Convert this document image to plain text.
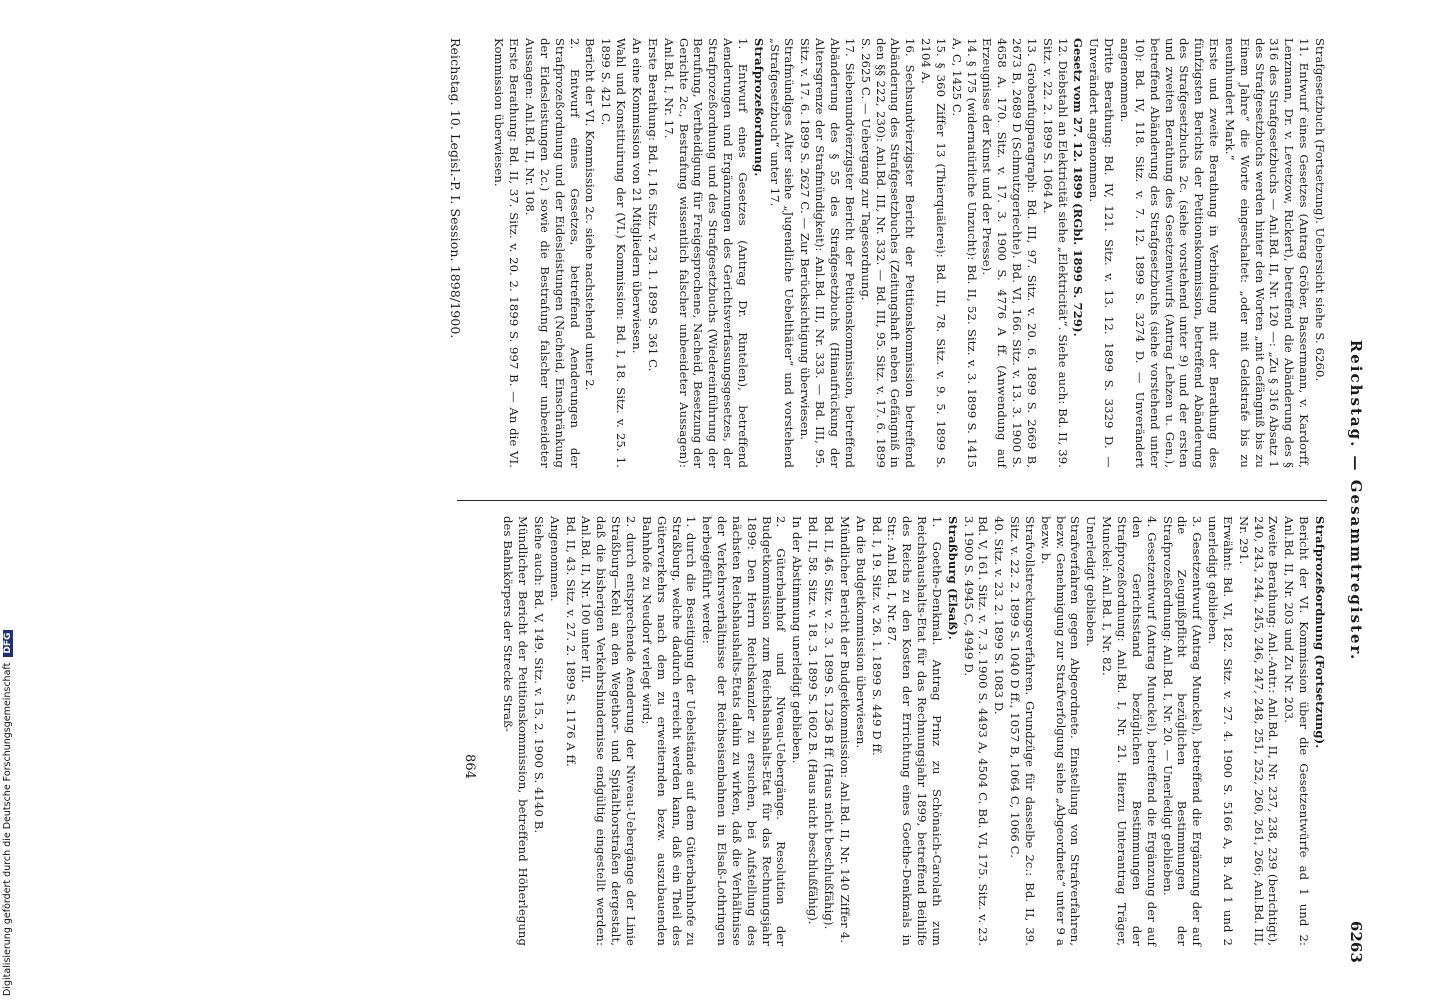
Reichstag. — Gesammtregister.
6263

Strafgesetzbuch (Fortsetzung). Uebersicht siehe S. 6260.

11. Entwurf eines Gesetzes (Antrag Gröber, Bassermann, v. Kardorff, Lenzmann, Dr. v. Levetzow, Rickert), betreffend die Abänderung des § 316 des Strafgesetzbuchs — Anl.Bd. II, Nr. 120 —: „Zu § 316 Absatz 1 des Strafgesetzbuchs werden hinter den Worten „mit Gefängniß bis zu Einem Jahre“ die Worte eingeschaltet: „oder mit Geldstrafe bis zu neunhundert Mark.“

Erste und zweite Berathung in Verbindung mit der Berathung des fünfzigsten Berichts der Petitionskommission, betreffend Abänderung des Strafgesetzbuchs 2c. (siehe vorstehend unter 9) und der ersten und zweiten Berathung des Gesetzentwurfs (Antrag Lehzen u. Gen.), betreffend Abänderung des Strafgesetzbuchs (siehe vorstehend unter 10): Bd. IV, 118. Sitz. v. 7. 12. 1899 S. 3274 D. — Unverändert angenommen.

Dritte Berathung: Bd. IV, 121. Sitz. v. 13. 12. 1899 S. 3329 D. — Unverändert angenommen.

Gesetz vom 27. 12. 1899 (RGbl. 1899 S. 729).

12. Diebstahl an Elektricität siehe „Elektricität“. Siehe auch: Bd. II, 39. Sitz. v. 22. 2. 1899 S. 1064 A.

13. Grobenfugparagraph: Bd. III, 97. Sitz. v. 20. 6. 1899 S. 2669 B, 2673 B, 2689 D (Schmutzgeriechte). Bd. VI, 166. Sitz. v. 13. 3. 1900 S. 4658 A. 170. Sitz. v. 17. 3. 1900 S. 4776 A ff. (Anwendung auf Erzeugnisse der Kunst und der Presse).

14. § 175 (widernatürliche Unzucht): Bd. II, 52. Sitz. v. 3. 1899 S. 1415 A, C, 1425 C.

15. § 360 Ziffer 13 (Thierquälerei): Bd. III, 78. Sitz. v. 9. 5. 1899 S. 2104 A.

16. Sechsundvierzigster Bericht der Petitionskommission betreffend Abänderung des Strafgesetzbuches (Zeitungshaft neben Gefängniß in den §§ 222, 230): Anl.Bd. III, Nr. 332. — Bd. III, 95. Sitz. v. 17. 6. 1899 S. 2625 C. — Uebergang zur Tagesordnung.

17. Siebenundvierzigster Bericht der Petitionskommission, betreffend Abänderung des § 55 des Strafgesetzbuchs (Hinaufrückung der Altersgrenze der Strafmündigkeit): Anl.Bd. III, Nr. 333. — Bd. III, 95. Sitz. v. 17. 6. 1899 S. 2627 C. — Zur Berücksichtigung überwiesen.

Strafmündiges Alter siehe „Jugendliche Uebelthäter“ und vorstehend „Strafgesetzbuch“ unter 17.

Strafprozeßordnung.

1. Entwurf eines Gesetzes (Antrag Dr. Rintelen), betreffend Aenderungen und Ergänzungen des Gerichtsverfassungsgesetzes, der Strafprozeßordnung und des Strafgesetzbuchs (Wiedereinführung der Berufung, Vertheidigung für Freigesprochene, Nacheid, Besetzung der Gerichte 2c., Bestrafung wissentlich falscher unbeeideter Aussagen): Anl.Bd. I, Nr. 17.

Erste Berathung: Bd. I, 16. Sitz. v. 23. 1. 1899 S. 361 C.

An eine Kommission von 21 Mitgliedern überwiesen.

Wahl und Konstituirung der (VI.) Kommission: Bd. I, 18. Sitz. v. 25. 1. 1899 S. 421 C.

Bericht der VI. Kommission 2c. siehe nachstehend unter 2.

2. Entwurf eines Gesetzes, betreffend Aenderungen der Strafprozeßordnung und der Eidesleistungen (Nacheid, Einschränkung der Eidesleistungen 2c.) sowie die Bestrafung falscher unbeeideter Aussagen: Anl.Bd. II, Nr. 108.

Erste Berathung: Bd. II, 37. Sitz. v. 20. 2. 1899 S. 997 B. — An die VI. Kommission überwiesen.

Strafprozeßordnung (Fortsetzung).

Bericht der VI. Kommission über die Gesetzentwürfe ad 1 und 2: Anl.Bd. II, Nr. 203 und Zu Nr. 203.

Zweite Berathung: Anl.-Antr.: Anl.Bd. II, Nr. 237, 238, 239 (berichtigt), 240, 243, 244, 245, 246, 247, 248, 251, 252, 260, 261, 266; Anl.Bd. III, Nr. 291.

Erwähnt: Bd. VI, 182. Sitz. v. 27. 4. 1900 S. 5166 A, B. Ad 1 und 2 unerledigt geblieben.

3. Gesetzentwurf (Antrag Munckel), betreffend die Ergänzung der auf die Zeugnißpflicht bezüglichen Bestimmungen der Strafprozeßordnung: Anl.Bd. I, Nr. 20. — Unerledigt geblieben.

4. Gesetzentwurf (Antrag Munckel), betreffend die Ergänzung der auf den Gerichtsstand bezüglichen Bestimmungen der Strafprozeßordnung: Anl.Bd. I, Nr. 21. Hierzu Unterantrag Träger, Munckel: Anl.Bd. I, Nr. 82.

Unerledigt geblieben.

Strafverfahren gegen Abgeordnete. Einstellung von Strafverfahren, bezw. Genehmigung zur Strafverfolgung siehe „Abgeordnete“ unter 9 a bezw. b.

Strafvollstreckungsverfahren. Grundzüge für dasselbe 2c.: Bd. II, 39. Sitz. v. 22. 2. 1899 S. 1040 D ff., 1057 B, 1064 C, 1066 C.

40. Sitz. v. 23. 2. 1899 S. 1083 D.

Bd. V, 161. Sitz. v. 7. 3. 1900 S. 4493 A, 4504 C. Bd. VI, 175. Sitz. v. 23. 3. 1900 S. 4945 C, 4949 D.

Straßburg (Elsaß).

1. Goethe-Denkmal. Antrag Prinz zu Schönaich-Carolath zum Reichshaushalts-Etat für das Rechnungsjahr 1899, betreffend Beihilfe des Reichs zu den Kosten der Errichtung eines Goethe-Denkmals in Str.: Anl.Bd. I, Nr. 87.

Bd. I, 19. Sitz. v. 26. 1. 1899 S. 449 D ff.

An die Budgetkommission überwiesen.

Mündlicher Bericht der Budgetkommission: Anl.Bd. II, Nr. 140 Ziffer 4.

Bd. II, 46. Sitz. v. 2. 3. 1899 S. 1236 B ff. (Haus nicht beschlußfähig).

Bd. II, 58. Sitz. v. 18. 3. 1899 S. 1602 B. (Haus nicht beschlußfähig).

In der Abstimmung unerledigt geblieben.

2. Güterbahnhof und Niveau-Uebergänge. Resolution der Budgetkommission zum Reichshaushalts-Etat für das Rechnungsjahr 1899: Den Herrn Reichskanzler zu ersuchen, bei Aufstellung des nächsten Reichshaushalts-Etats dahin zu wirken, daß die Verhältnisse der Verkehrsverhältnisse der Reichseisenbahnen in Elsaß-Lothringen herbeigeführt werde:

1. durch die Beseitigung der Uebelstände auf dem Güterbahnhofe zu Straßburg, welche dadurch erreicht werden kann, daß ein Theil des Güterverkehrs nach dem zu erweiternden bezw. auszubauenden Bahnhofe zu Neudorf verlegt wird;

2. durch entsprechende Aenderung der Niveau-Uebergänge der Linie Straßburg—Kehl an den Wegethor- und Spitalthorstraßen dergestalt, daß die bisherigen Verkehrshindernisse endgültig eingestellt werden: Anl.Bd. II, Nr. 100 unter III.

Bd. II, 43. Sitz. v. 27. 2. 1899 S. 1176 A ff.

Angenommen.

Siehe auch: Bd. V, 149. Sitz. v. 15. 2. 1900 S. 4140 B.

Mündlicher Bericht der Petitionskommission, betreffend Höherlegung des Bahnkörpers der Strecke Straß-

Reichstag. 10. Legisl.-P. I. Session. 1898/1900.
864
Digitalisierung gefördert durch die Deutsche Forschungsgemeinschaft DFG
